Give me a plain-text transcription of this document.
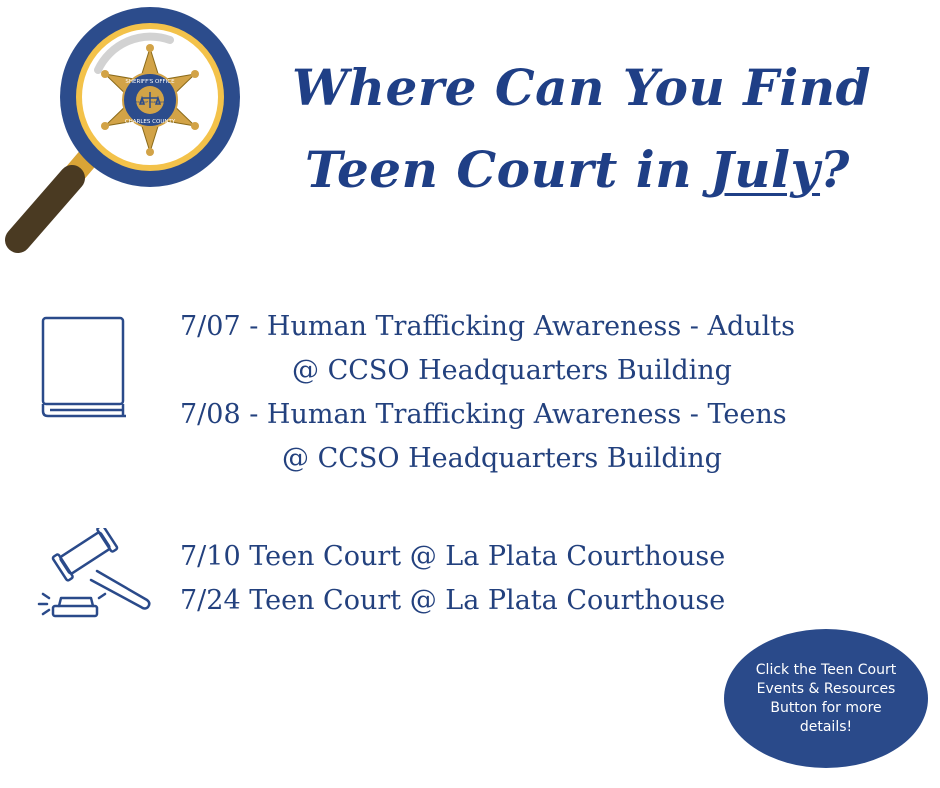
SHERIFF'S OFFICE
CHARLES COUNTY
STATE OF MARYLAND	Where Can You Find
Teen Court in July?
7/07 - Human Trafficking Awareness - Adults
@ CCSO Headquarters Building
7/08 - Human Trafficking Awareness - Teens
@ CCSO Headquarters Building
7/10 Teen Court @ La Plata Courthouse
7/24 Teen Court @ La Plata Courthouse
Click the Teen Court
Events & Resources
Button for more
details!
